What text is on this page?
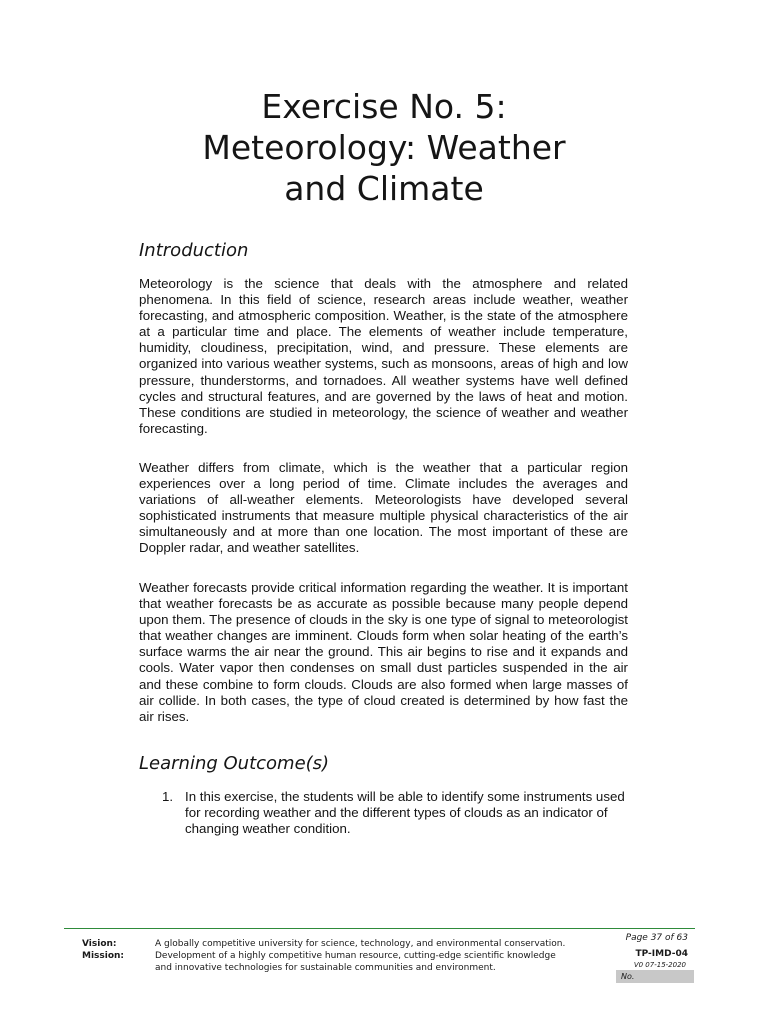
Exercise No. 5:
Meteorology: Weather
and Climate
Introduction

Meteorology is the science that deals with the atmosphere and related phenomena. In this field of science, research areas include weather, weather forecasting, and atmospheric composition. Weather, is the state of the atmosphere at a particular time and place. The elements of weather include temperature, humidity, cloudiness, precipitation, wind, and pressure. These elements are organized into various weather systems, such as monsoons, areas of high and low pressure, thunderstorms, and tornadoes. All weather systems have well defined cycles and structural features, and are governed by the laws of heat and motion. These conditions are studied in meteorology, the science of weather and weather forecasting.

Weather differs from climate, which is the weather that a particular region experiences over a long period of time. Climate includes the averages and variations of all-weather elements. Meteorologists have developed several sophisticated instruments that measure multiple physical characteristics of the air simultaneously and at more than one location. The most important of these are Doppler radar, and weather satellites.

Weather forecasts provide critical information regarding the weather. It is important that weather forecasts be as accurate as possible because many people depend upon them. The presence of clouds in the sky is one type of signal to meteorologist that weather changes are imminent. Clouds form when solar heating of the earth’s surface warms the air near the ground. This air begins to rise and it expands and cools. Water vapor then condenses on small dust particles suspended in the air and these combine to form clouds. Clouds are also formed when large masses of air collide. In both cases, the type of cloud created is determined by how fast the air rises.

Learning Outcome(s)
1. In this exercise, the students will be able to identify some instruments used for recording weather and the different types of clouds as an indicator of changing weather condition.
Vision:	A globally competitive university for science, technology, and environmental conservation.
Mission:	Development of a highly competitive human resource, cutting-edge scientific knowledge and innovative technologies for sustainable communities and environment.
Page 37 of 63
TP-IMD-04
V0 07-15-2020
No.
